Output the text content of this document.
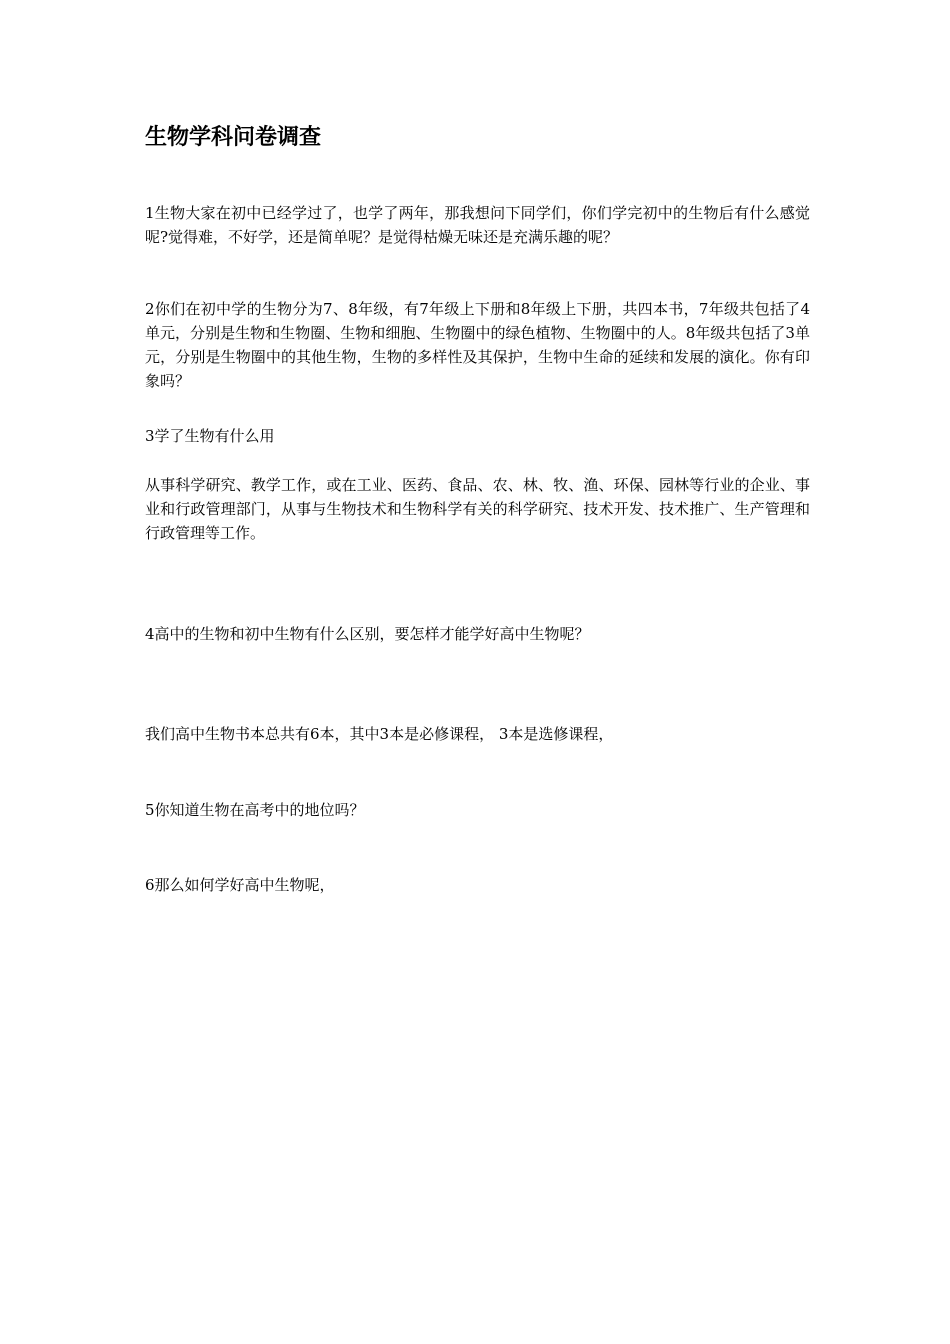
生物学科问卷调查

1生物大家在初中已经学过了，也学了两年，那我想问下同学们，你们学完初中的生物后有什么感觉呢?觉得难，不好学，还是简单呢？是觉得枯燥无味还是充满乐趣的呢？

2你们在初中学的生物分为7、8年级，有7年级上下册和8年级上下册，共四本书，7年级共包括了4单元，分别是生物和生物圈、生物和细胞、生物圈中的绿色植物、生物圈中的人。8年级共包括了3单元，分别是生物圈中的其他生物，生物的多样性及其保护，生物中生命的延续和发展的演化。你有印象吗？

3学了生物有什么用

从事科学研究、教学工作，或在工业、医药、食品、农、林、牧、渔、环保、园林等行业的企业、事业和行政管理部门，从事与生物技术和生物科学有关的科学研究、技术开发、技术推广、生产管理和行政管理等工作。

4高中的生物和初中生物有什么区别，要怎样才能学好高中生物呢？

我们高中生物书本总共有6本，其中3本是必修课程， 3本是选修课程，

5你知道生物在高考中的地位吗？

6那么如何学好高中生物呢，
